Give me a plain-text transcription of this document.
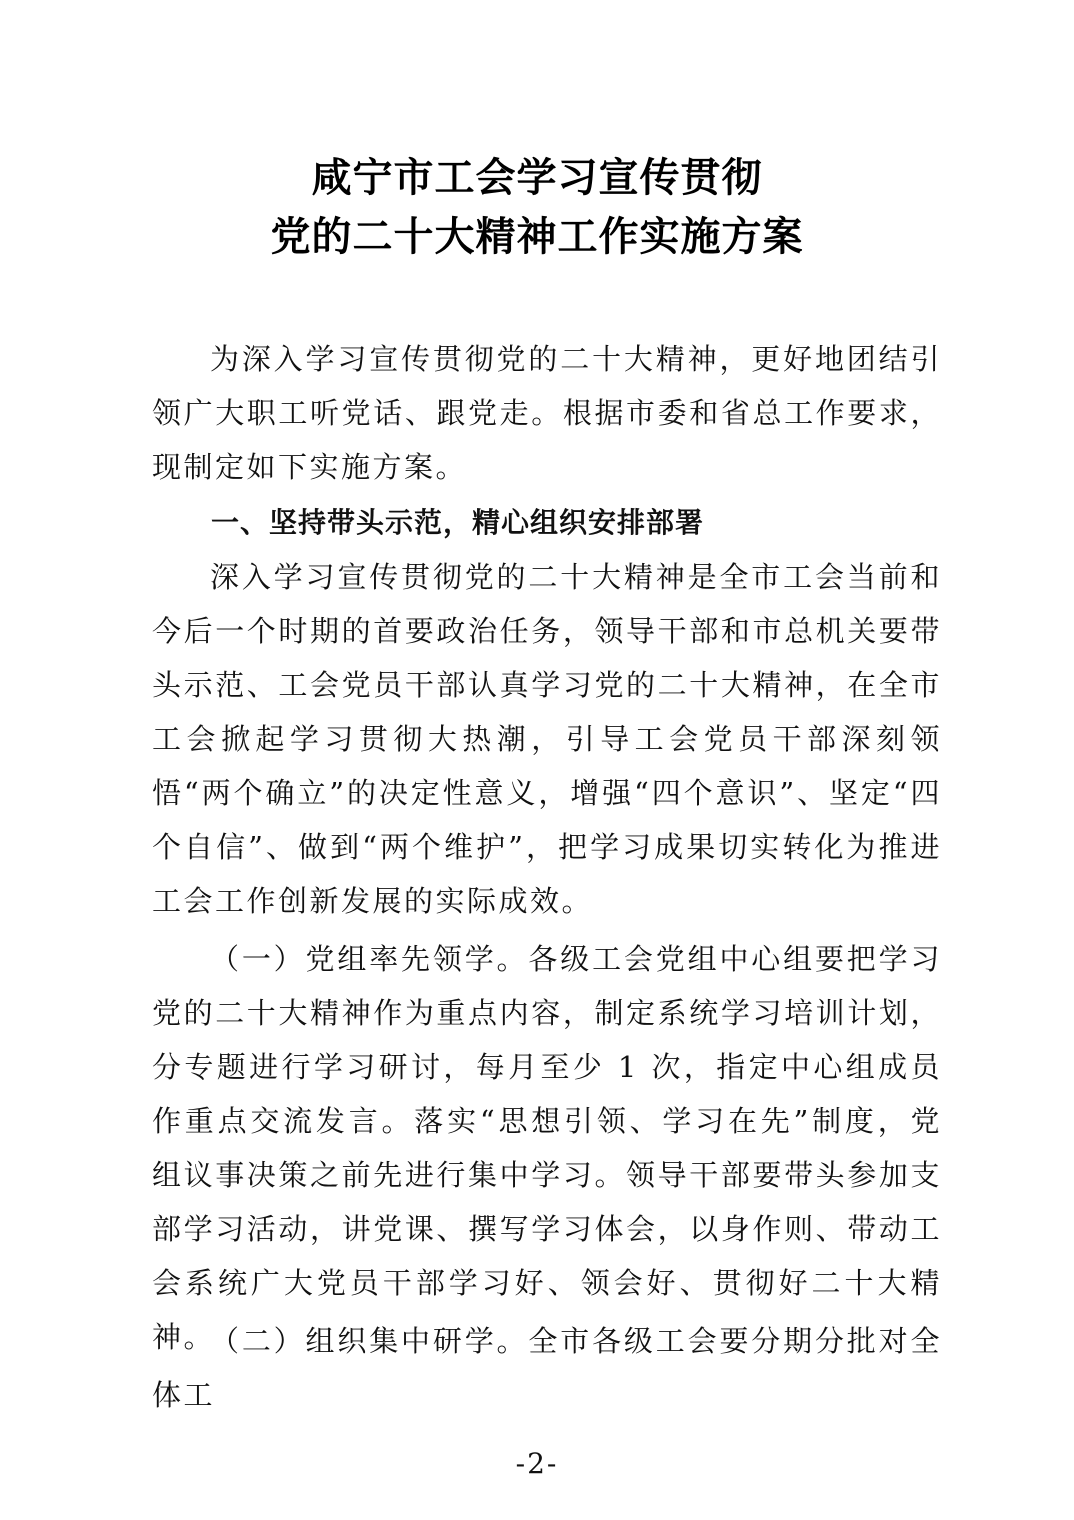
咸宁市工会学习宣传贯彻
党的二十大精神工作实施方案
为深入学习宣传贯彻党的二十大精神，更好地团结引领广大职工听党话、跟党走。根据市委和省总工作要求，现制定如下实施方案。
一、坚持带头示范，精心组织安排部署
深入学习宣传贯彻党的二十大精神是全市工会当前和今后一个时期的首要政治任务，领导干部和市总机关要带头示范、工会党员干部认真学习党的二十大精神，在全市工会掀起学习贯彻大热潮，引导工会党员干部深刻领悟“两个确立”的决定性意义，增强“四个意识”、坚定“四个自信”、做到“两个维护”，把学习成果切实转化为推进工会工作创新发展的实际成效。
（一）党组率先领学。各级工会党组中心组要把学习党的二十大精神作为重点内容，制定系统学习培训计划，分专题进行学习研讨，每月至少 1 次，指定中心组成员作重点交流发言。落实“思想引领、学习在先”制度，党组议事决策之前先进行集中学习。领导干部要带头参加支部学习活动，讲党课、撰写学习体会，以身作则、带动工会系统广大党员干部学习好、领会好、贯彻好二十大精神。
（二）组织集中研学。全市各级工会要分期分批对全体工
-2-
